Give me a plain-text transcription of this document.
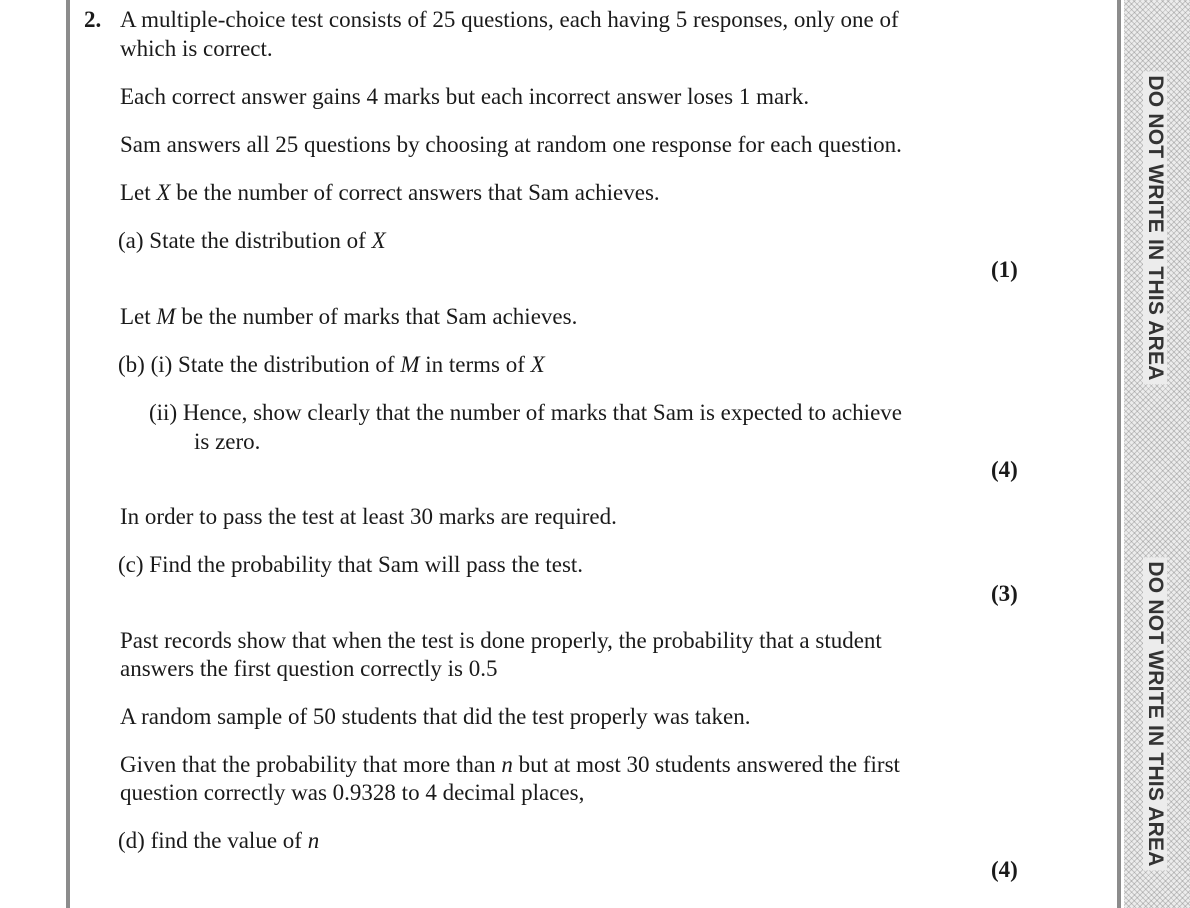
DO NOT WRITE IN THIS AREA
DO NOT WRITE IN THIS AREA
2. A multiple-choice test consists of 25 questions, each having 5 responses, only one of
which is correct.
Each correct answer gains 4 marks but each incorrect answer loses 1 mark.
Sam answers all 25 questions by choosing at random one response for each question.
Let X be the number of correct answers that Sam achieves.
(a) State the distribution of X
(1)
Let M be the number of marks that Sam achieves.
(b) (i) State the distribution of M in terms of X
(ii) Hence, show clearly that the number of marks that Sam is expected to achieve
is zero.
(4)
In order to pass the test at least 30 marks are required.
(c) Find the probability that Sam will pass the test.
(3)
Past records show that when the test is done properly, the probability that a student
answers the first question correctly is 0.5
A random sample of 50 students that did the test properly was taken.
Given that the probability that more than n but at most 30 students answered the first
question correctly was 0.9328 to 4 decimal places,
(d) find the value of n
(4)
